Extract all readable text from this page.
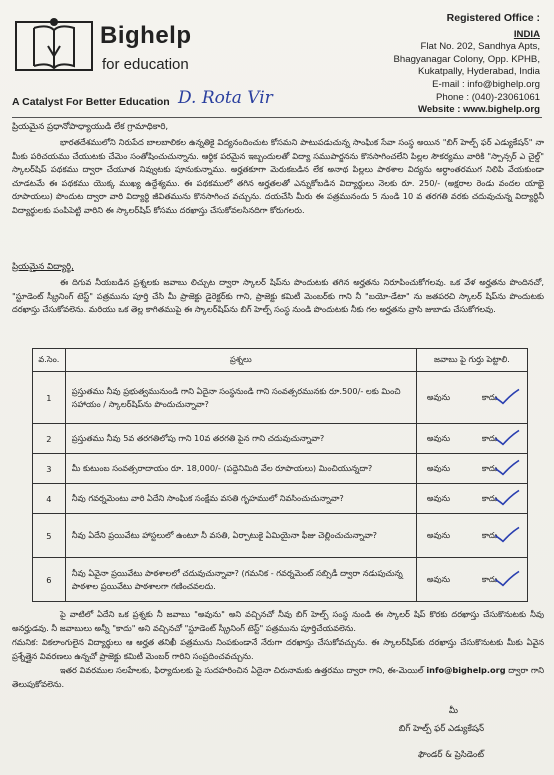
Bighelp
for education
A Catalyst For Better Education D. Rota Vir
Registered Office :
INDIA
Flat No. 202, Sandhya Apts,
Bhagyanagar Colony, Opp. KPHB,
Kukatpally, Hyderabad, India
E-mail : info@bighelp.org
Phone : (040)-23061061
Website : www.bighelp.org
ప్రియమైన ప్రధానోపాధ్యాయుడి లేక గ్రామాధికారి,
భారతదేశములోని నిరుపేద బాలబాలికల ఉన్నతికై విద్యనందించుట కోసమని పాటుపడుచున్న సాంఘిక సేవా సంస్థ అయిన "బిగ్ హెల్ప్ ఫర్ ఎడ్యుకేషన్" నా మీకు పరిచయము చేయుటకు చేమెం సంతోషించుచున్నాను. ఆర్థిక పరమైన ఇబ్బందులతో విద్యా సముపార్జనను కొనసాగించలేని పిల్లల సౌకర్యము వారికి "స్పాన్సర్ ఎ చైల్డ్" స్కాలర్‌షిప్ పథకము ద్వారా చేయూత నివ్వుటకు పూనుకున్నాము. అర్హతకూగా మెరుకబడిన లేక అనాథ పిల్లలు పాఠశాల విద్యను అర్ధాంతరముగ నిలిపి వేయకుండా చూడటమే ఈ పథకము యొక్క ముఖ్య ఉద్దేశ్యము. ఈ పథకములో తగిన అర్హతలతో ఎన్నుకోబడిన విద్యార్థులు నెలకు రూ. 250/- (అక్షరాల రెండు వందల యాభై రూపాయలు) పొందుట ద్వారా వారి విద్యార్థి జీవితమును కొనసాగించ వచ్చును. దయచేసి మీరు ఈ పత్రమునందు 5 నుండి 10 వ తరగతి వరకు చదువుచున్న విద్యార్థినీ విద్యార్థులకు పంపిపెట్టి వారిని ఈ స్కాలర్‌షిప్ కోసము దరఖాస్తు చేసుకోవలసినదిగా కోరుగలరు.
ప్రియమైన విద్యార్థి,
ఈ దిగువ నీయబడిన ప్రశ్నలకు జవాబు లిచ్చుట ద్వారా స్కాలర్ షిప్‌ను పొందుటకు తగిన అర్హతను నిరూపించుకోగలవు. ఒక వేళ అర్హతను పొందినచో, "స్టూడెంట్ స్క్రీనింగ్ టెస్ట్" పత్రమును పూర్తి చేసి మీ ప్రాజెక్టు డైరెక్టర్‌కు గాని, ప్రాజెక్టు కమిటీ మెంబర్‌కు గాని నీ "బయో-డేటా" ను జతపరచి స్కాలర్ షిప్‌ను పొందుటకు దరఖాస్తు చేసుకోవలెను. మరియు ఒక తెల్ల కాగితముపై ఈ స్కాలర్‌షిప్‌ను బిగ్ హెల్ప్ సంస్థ నుండి పొందుటకు నీకు గల అర్హతను వ్రాసి జుబాడు చేసుకోగలవు.
వ.సెం.	ప్రశ్నలు	జవాబు పై గుర్తు పెట్టాలి.
1	ప్రస్తుతము నీవు ప్రభుత్వమునుండి గాని ఏదైనా సంస్థనుండి గాని సంవత్సరమునకు రూ.500/- లకు మించి సహాయం / స్కాలర్‌షిప్‌ను పొందుచున్నావా?	అవును కాదు

2	ప్రస్తుతము నీవు 5వ తరగతిలోపు గాని 10వ తరగతి పైన గాని చదువుచున్నావా?	అవును కాదు

3	మీ కుటుంబ సంవత్సరాదాయం రూ. 18,000/- (పద్దెనిమిది వేల రూపాయలు) మించియున్నదా?	అవును కాదు

4	నీవు గవర్నమెంటు వారి ఏదేని సాంఘిక సంక్షేమ వసతి గృహములో నివసించుచున్నావా?	అవును కాదు

5	నీవు ఏదేని ప్రయివేటు హాస్టలులో ఉంటూ నీ వసతి, ఏర్పాటుకై ఏమియైనా ఫీజు చెల్లించుచున్నావా?	అవును కాదు

6	నీవు ఏవైనా ప్రయివేటు పాఠశాలలో చదువుచున్నావా? (గమనిక - గవర్నమెంట్ సబ్సిడీ ద్వారా నడుపుచున్న పాఠశాల ప్రయివేటు పాఠశాలగా గణించవలదు.	అవును కాదు
పై వాటిలో ఏదేని ఒక ప్రశ్నకు నీ జవాబు "అవును" అని వచ్చినచో నీవు బిగ్ హెల్ప్ సంస్థ నుండి ఈ స్కాలర్ షిప్ కొరకు దరఖాస్తు చేసుకొనుటకు నీవు అనర్హుడవు. నీ జవాబులు అన్నీ "కాదు" అని వచ్చినచో "స్టూడెంట్ స్క్రీనింగ్ టెస్ట్" పత్రమును పూర్తిచేయవలెను.
గమనిక: వికలాంగులైన విద్యార్థులు ఆ అర్హత తనిఖీ పత్రమును నింపకుండానే నేరుగా దరఖాస్తు చేసుకోవచ్చును. ఈ స్కాలర్‌షిప్‌కు దరఖాస్తు చేసుకొనుటకు మీకు ఏవైన ప్రశ్నేత్తైన వివరణలు ఉన్నచో ప్రాజెక్టు కమిటీ మెంబర్ గారిని సంప్రదించవచ్చును.
ఇతర వివరముల సలహేలకు, ఫిర్యాదులకు పై సుదహరించిన ఏదైనా చిరునామకు ఉత్తరము ద్వారా గాని, ఈ-మెయిల్ info@bighelp.org ద్వారా గాని తెలుపుకోవలెను.
మీ
బిగ్ హెల్ప్ ఫర్ ఎడ్యుకేషన్
ఫౌండర్ & ప్రెసిడెంట్
